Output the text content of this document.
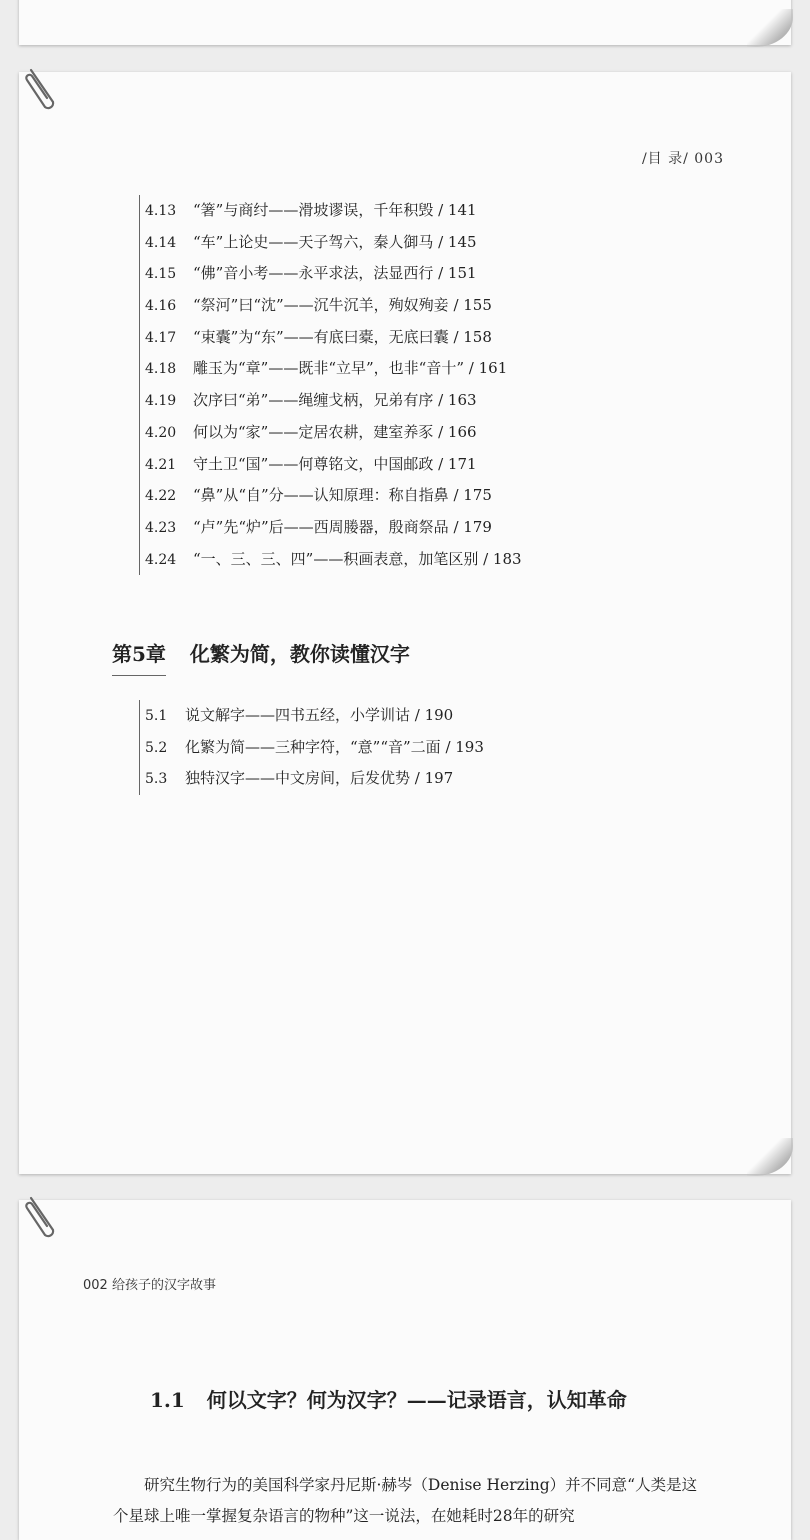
/目 录/ 003
4.13 “箸”与商纣——滑坡谬误，千年积毁 / 141
4.14 “车”上论史——天子驾六，秦人御马 / 145
4.15 “佛”音小考——永平求法，法显西行 / 151
4.16 “祭河”曰“沈”——沉牛沉羊，殉奴殉妾 / 155
4.17 “束囊”为“东”——有底曰橐，无底曰囊 / 158
4.18 雕玉为“章”——既非“立早”，也非“音十” / 161
4.19 次序曰“弟”——绳缠戈柄，兄弟有序 / 163
4.20 何以为“家”——定居农耕，建室养豕 / 166
4.21 守土卫“国”——何尊铭文，中国邮政 / 171
4.22 “鼻”从“自”分——认知原理：称自指鼻 / 175
4.23 “卢”先“炉”后——西周媵器，殷商祭品 / 179
4.24 “一、三、三、四”——积画表意，加笔区别 / 183
第5章 化繁为简，教你读懂汉字
5.1 说文解字——四书五经，小学训诂 / 190
5.2 化繁为简——三种字符，“意”“音”二面 / 193
5.3 独特汉字——中文房间，后发优势 / 197
002 给孩子的汉字故事
1.1 何以文字？何为汉字？——记录语言，认知革命

研究生物行为的美国科学家丹尼斯·赫岑（Denise Herzing）并不同意“人类是这个星球上唯一掌握复杂语言的物种”这一说法，在她耗时28年的研究
